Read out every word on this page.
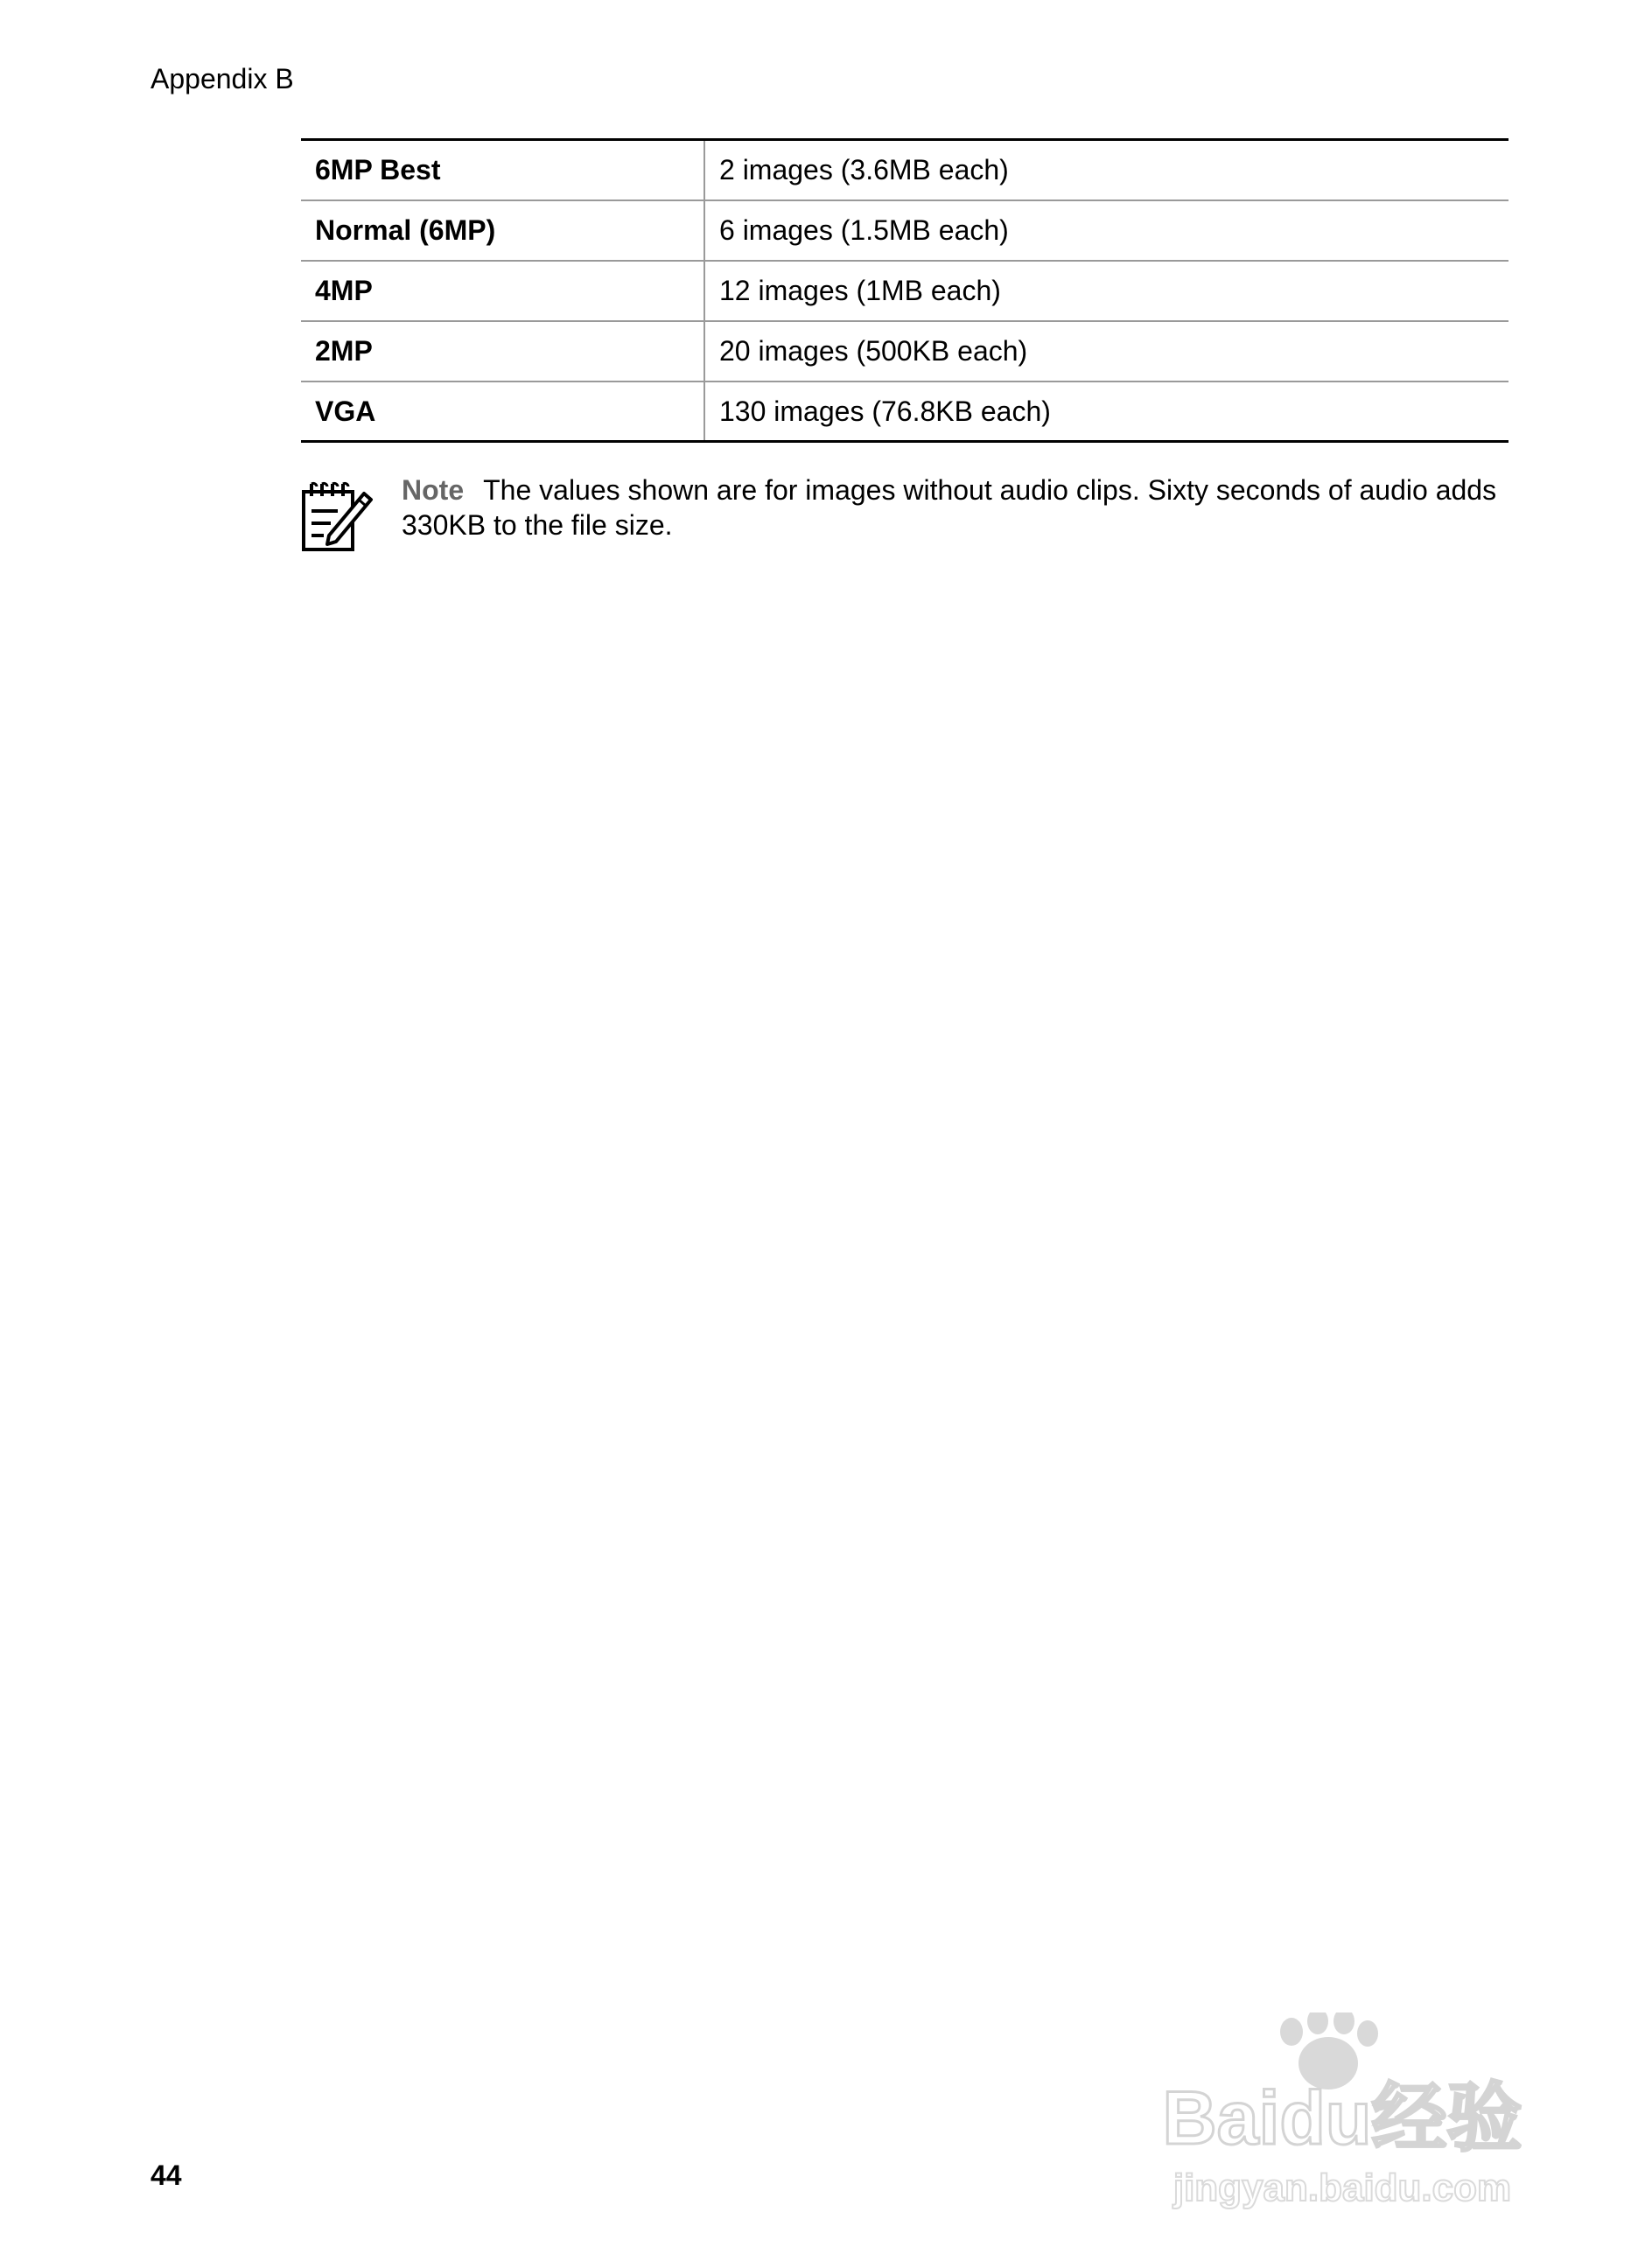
Appendix B
6MP Best	2 images (3.6MB each)
Normal (6MP)	6 images (1.5MB each)
4MP	12 images (1MB each)
2MP	20 images (500KB each)
VGA	130 images (76.8KB each)
Note The values shown are for images without audio clips. Sixty seconds of audio adds 330KB to the file size.
44
Baidu经验
jingyan.baidu.com
